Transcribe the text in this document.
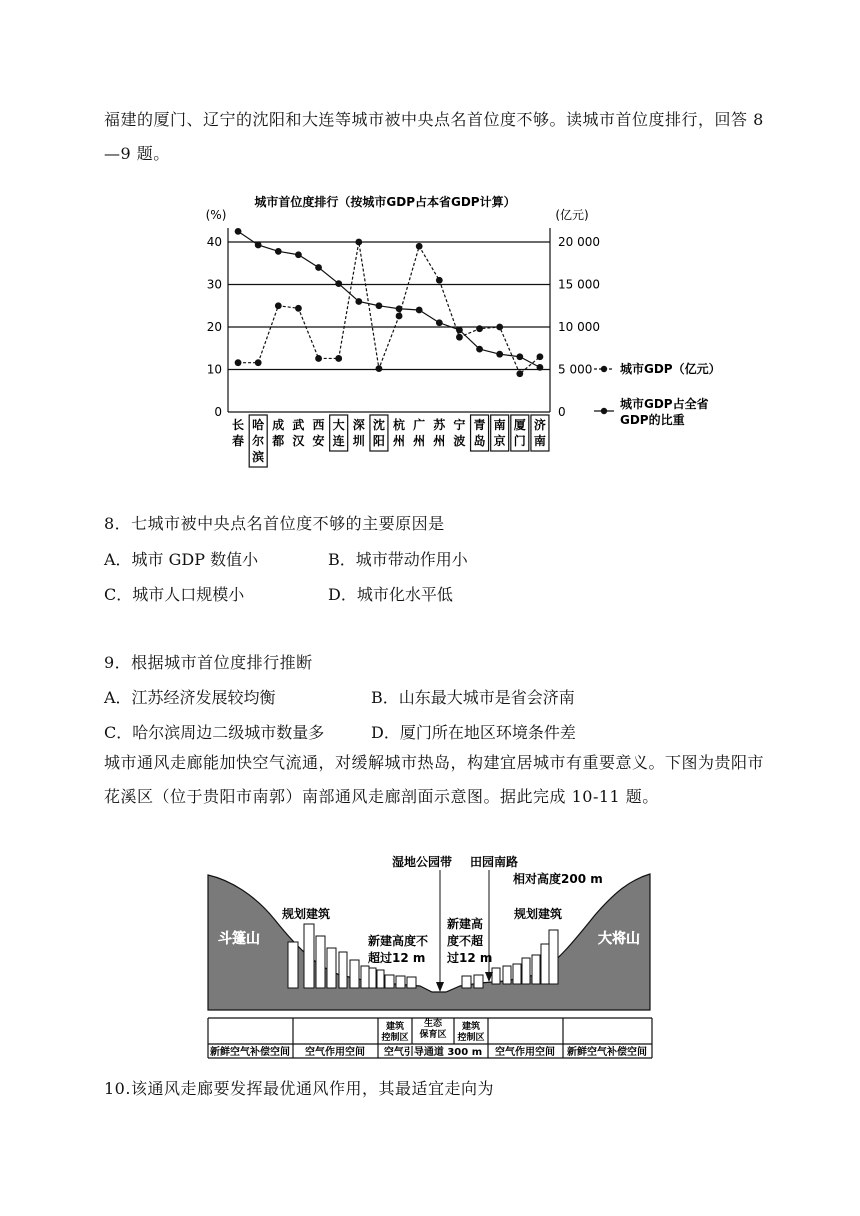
福建的厦门、辽宁的沈阳和大连等城市被中央点名首位度不够。读城市首位度排行，回答 8—9 题。
城市首位度排行（按城市GDP占本省GDP计算）
(%)	(亿元)
40
30
20
10
0
20 000
15 000
10 000
5 000
0
长
春
哈
尔
滨
成
都
武
汉
西
安
大
连
深
圳
沈
阳
杭
州
广
州
苏
州
宁
波
青
岛
南
京
厦
门
济
南
城市GDP（亿元）
城市GDP占全省
GDP的比重
8．七城市被中央点名首位度不够的主要原因是
A．城市 GDP 数值小	B．城市带动作用小
C．城市人口规模小	D．城市化水平低
9．根据城市首位度排行推断
A．江苏经济发展较均衡	B．山东最大城市是省会济南
C．哈尔滨周边二级城市数量多	D．厦门所在地区环境条件差
城市通风走廊能加快空气流通，对缓解城市热岛，构建宜居城市有重要意义。下图为贵阳市花溪区（位于贵阳市南郭）南部通风走廊剖面示意图。据此完成 10-11 题。
湿地公园带 田园南路
相对高度200 m
斗篷山	大将山
规划建筑	规划建筑
新建高度不
超过12 m
新建高
度不超
过12 m
建筑
控制区
生态
保育区
建筑
控制区
新鲜空气补偿空间 空气作用空间 空气引导通道 300 m 空气作用空间 新鲜空气补偿空间
10.该通风走廊要发挥最优通风作用，其最适宜走向为
